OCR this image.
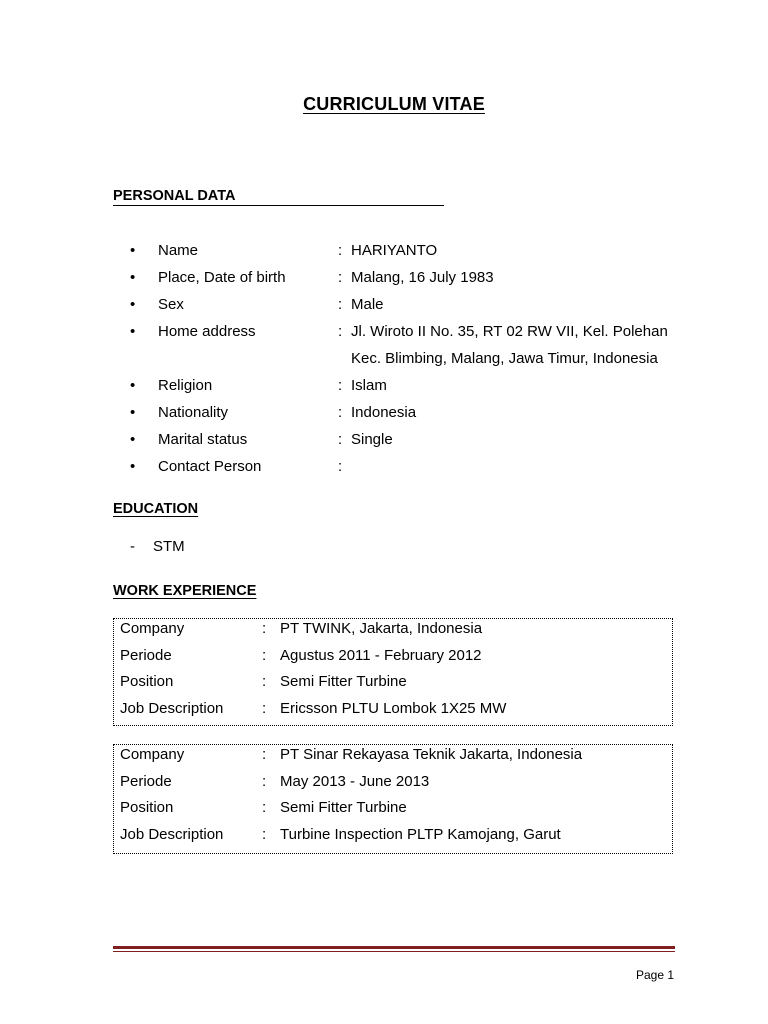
CURRICULUM VITAE
PERSONAL DATA
•	Name	: HARIYANTO
•	Place, Date of birth	: Malang, 16 July 1983
•	Sex	: Male
•	Home address	: Jl. Wiroto II No. 35, RT 02 RW VII, Kel. Polehan
Kec. Blimbing, Malang, Jawa Timur, Indonesia
•	Religion	: Islam
•	Nationality	: Indonesia
•	Marital status	: Single
•	Contact Person	:
EDUCATION
- STM
WORK EXPERIENCE
Company	: PT TWINK, Jakarta, Indonesia
Periode	: Agustus 2011 - February 2012
Position	: Semi Fitter Turbine
Job Description	: Ericsson PLTU Lombok 1X25 MW
Company	: PT Sinar Rekayasa Teknik Jakarta, Indonesia
Periode	: May 2013 - June 2013
Position	: Semi Fitter Turbine
Job Description	: Turbine Inspection PLTP Kamojang, Garut
Page 1
